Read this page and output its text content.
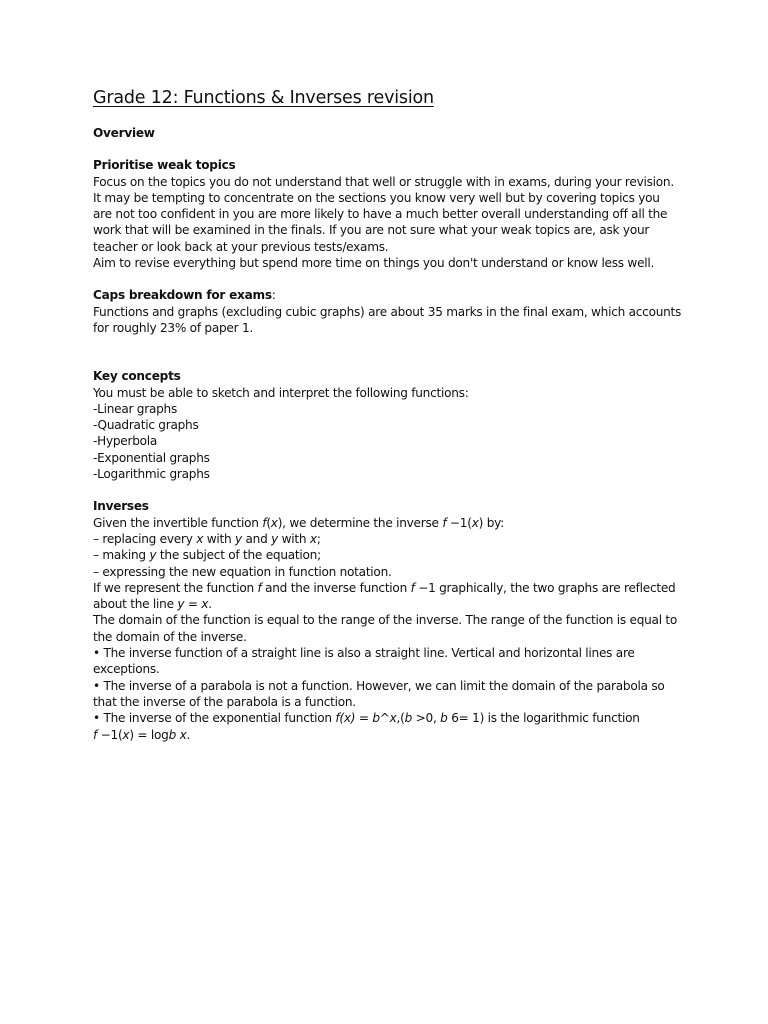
Grade 12: Functions & Inverses revision
Overview
Prioritise weak topics
Focus on the topics you do not understand that well or struggle with in exams, during your revision.
It may be tempting to concentrate on the sections you know very well but by covering topics you
are not too confident in you are more likely to have a much better overall understanding off all the
work that will be examined in the finals. If you are not sure what your weak topics are, ask your
teacher or look back at your previous tests/exams.
Aim to revise everything but spend more time on things you don't understand or know less well.
Caps breakdown for exams:
Functions and graphs (excluding cubic graphs) are about 35 marks in the final exam, which accounts
for roughly 23% of paper 1.
Key concepts
You must be able to sketch and interpret the following functions:
-Linear graphs
-Quadratic graphs
-Hyperbola
-Exponential graphs
-Logarithmic graphs
Inverses
Given the invertible function f(x), we determine the inverse f −1(x) by:
– replacing every x with y and y with x;
– making y the subject of the equation;
– expressing the new equation in function notation.
If we represent the function f and the inverse function f −1 graphically, the two graphs are reflected
about the line y = x.
The domain of the function is equal to the range of the inverse. The range of the function is equal to
the domain of the inverse.
• The inverse function of a straight line is also a straight line. Vertical and horizontal lines are
exceptions.
• The inverse of a parabola is not a function. However, we can limit the domain of the parabola so
that the inverse of the parabola is a function.
• The inverse of the exponential function f(x) = b^x,(b >0, b 6= 1) is the logarithmic function
f −1(x) = logb x.
